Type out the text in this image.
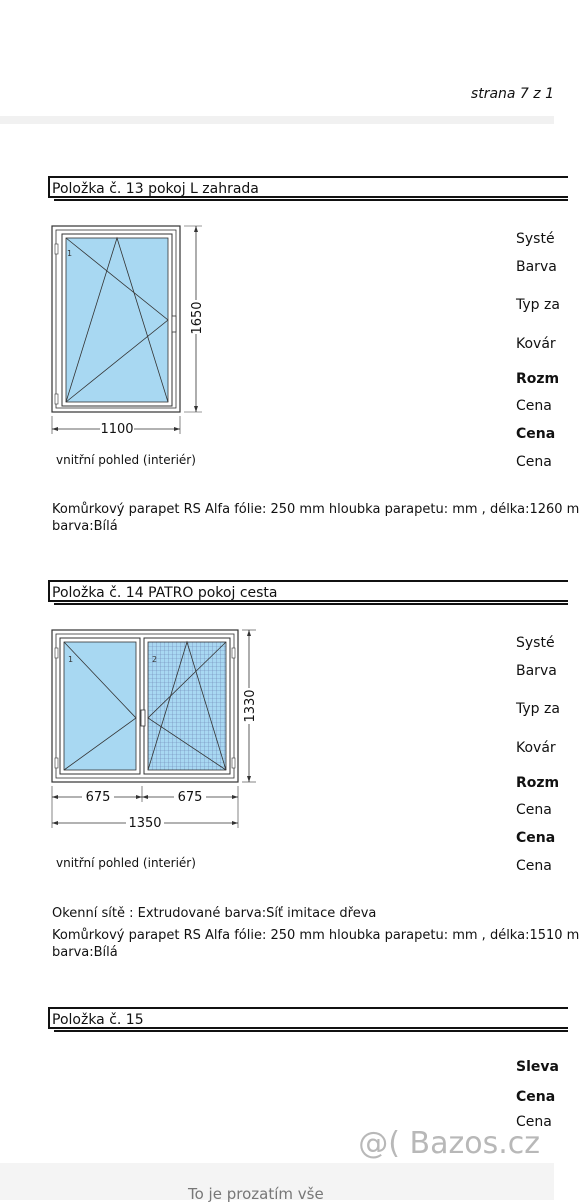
strana 7 z 1
Položka č. 13 pokoj L zahrada
1
1100
1650
vnitřní pohled (interiér)
Systé
Barva
Typ za
Kovár
Rozm
Cena
Cena
Cena
Komůrkový parapet RS Alfa fólie: 250 mm hloubka parapetu: mm , délka:1260 m
barva:Bílá
Položka č. 14 PATRO pokoj cesta
1	2
675	675
1350
1330
vnitřní pohled (interiér)
Systé
Barva
Typ za
Kovár
Rozm
Cena
Cena
Cena
Okenní sítě : Extrudované barva:Síť imitace dřeva
Komůrkový parapet RS Alfa fólie: 250 mm hloubka parapetu: mm , délka:1510 m
barva:Bílá
Položka č. 15
Sleva
Cena
Cena
To je prozatím vše
@( Bazos.cz
